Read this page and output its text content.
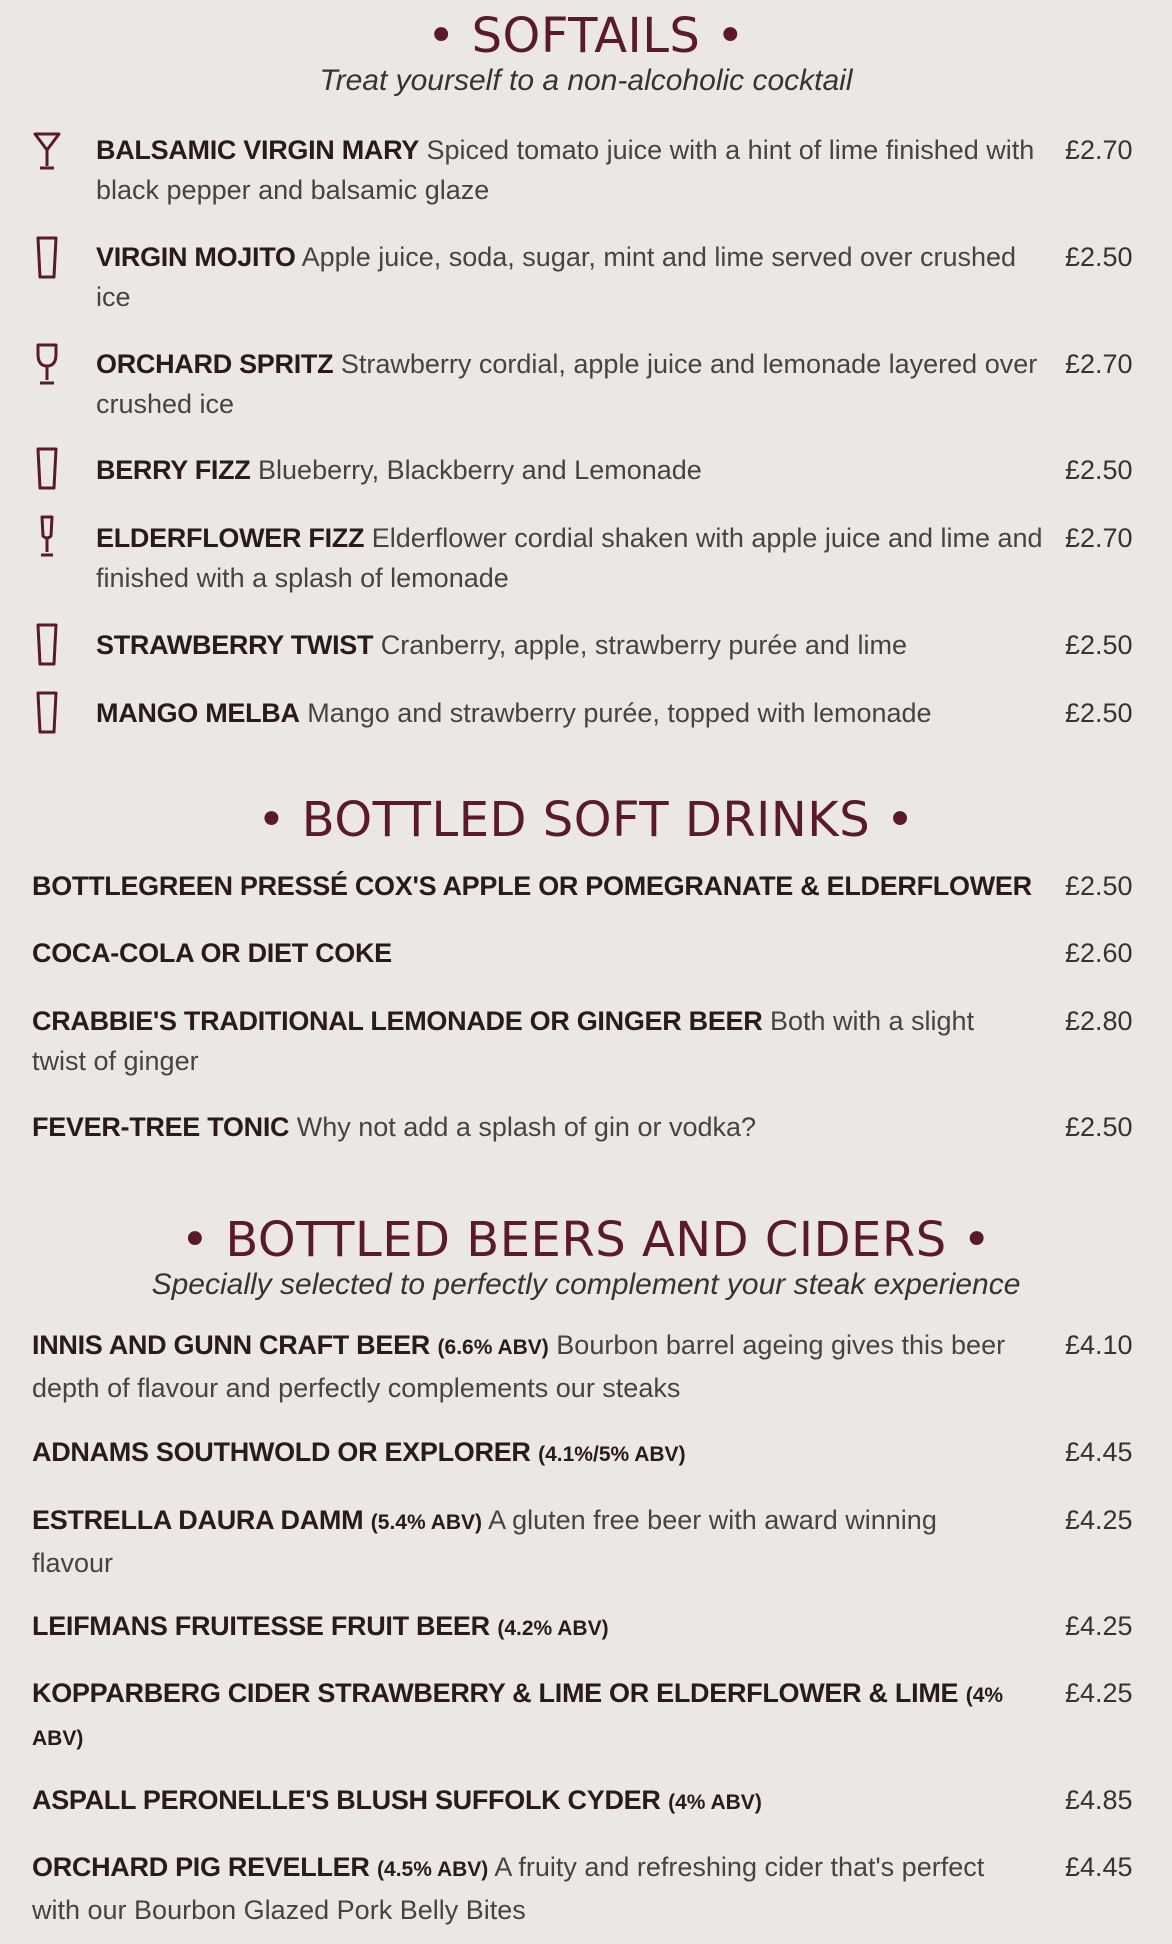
• SOFTAILS •
Treat yourself to a non-alcoholic cocktail
BALSAMIC VIRGIN MARY Spiced tomato juice with a hint of lime finished with black pepper and balsamic glaze
£2.70
VIRGIN MOJITO Apple juice, soda, sugar, mint and lime served over crushed ice
£2.50
ORCHARD SPRITZ Strawberry cordial, apple juice and lemonade layered over crushed ice
£2.70
BERRY FIZZ Blueberry, Blackberry and Lemonade	£2.50
ELDERFLOWER FIZZ Elderflower cordial shaken with apple juice and lime and finished with a splash of lemonade
£2.70
STRAWBERRY TWIST Cranberry, apple, strawberry purée and lime	£2.50
MANGO MELBA Mango and strawberry purée, topped with lemonade	£2.50
• BOTTLED SOFT DRINKS •
BOTTLEGREEN PRESSÉ COX'S APPLE OR POMEGRANATE & ELDERFLOWER	£2.50
COCA-COLA OR DIET COKE	£2.60
CRABBIE'S TRADITIONAL LEMONADE OR GINGER BEER Both with a slight twist of ginger
£2.80
FEVER-TREE TONIC Why not add a splash of gin or vodka?	£2.50
• BOTTLED BEERS AND CIDERS •
Specially selected to perfectly complement your steak experience
INNIS AND GUNN CRAFT BEER (6.6% ABV) Bourbon barrel ageing gives this beer depth of flavour and perfectly complements our steaks
£4.10
ADNAMS SOUTHWOLD OR EXPLORER (4.1%/5% ABV)	£4.45
ESTRELLA DAURA DAMM (5.4% ABV) A gluten free beer with award winning flavour
£4.25
LEIFMANS FRUITESSE FRUIT BEER (4.2% ABV)	£4.25
KOPPARBERG CIDER STRAWBERRY & LIME OR ELDERFLOWER & LIME (4% ABV)
£4.25
ASPALL PERONELLE'S BLUSH SUFFOLK CYDER (4% ABV)	£4.85
ORCHARD PIG REVELLER (4.5% ABV) A fruity and refreshing cider that's perfect with our Bourbon Glazed Pork Belly Bites
£4.45
